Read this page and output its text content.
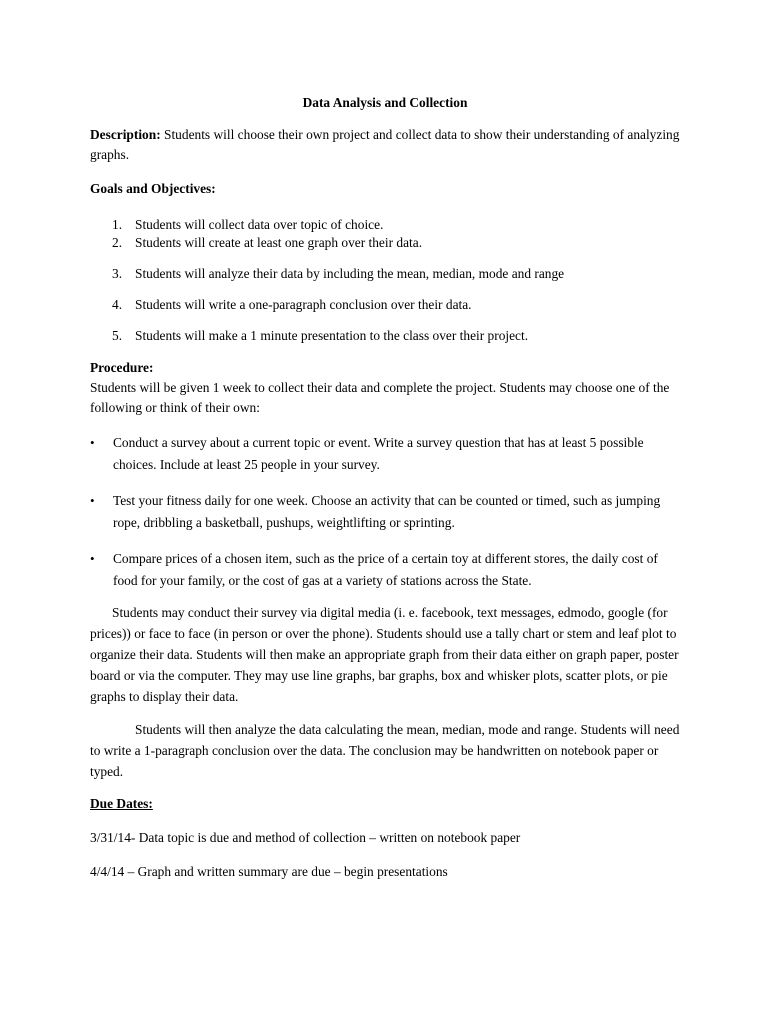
Data Analysis and Collection

Description: Students will choose their own project and collect data to show their understanding of analyzing graphs.

Goals and Objectives:

1. Students will collect data over topic of choice.
2. Students will create at least one graph over their data.
3. Students will analyze their data by including the mean, median, mode and range
4. Students will write a one-paragraph conclusion over their data.
5. Students will make a 1 minute presentation to the class over their project.

Procedure:

Students will be given 1 week to collect their data and complete the project. Students may choose one of the following or think of their own:

• Conduct a survey about a current topic or event. Write a survey question that has at least 5 possible choices. Include at least 25 people in your survey.
• Test your fitness daily for one week. Choose an activity that can be counted or timed, such as jumping rope, dribbling a basketball, pushups, weightlifting or sprinting.
• Compare prices of a chosen item, such as the price of a certain toy at different stores, the daily cost of food for your family, or the cost of gas at a variety of stations across the State.

Students may conduct their survey via digital media (i. e. facebook, text messages, edmodo, google (for prices)) or face to face (in person or over the phone). Students should use a tally chart or stem and leaf plot to organize their data. Students will then make an appropriate graph from their data either on graph paper, poster board or via the computer. They may use line graphs, bar graphs, box and whisker plots, scatter plots, or pie graphs to display their data.

Students will then analyze the data calculating the mean, median, mode and range. Students will need to write a 1-paragraph conclusion over the data. The conclusion may be handwritten on notebook paper or typed.

Due Dates:

3/31/14- Data topic is due and method of collection – written on notebook paper

4/4/14 – Graph and written summary are due – begin presentations
